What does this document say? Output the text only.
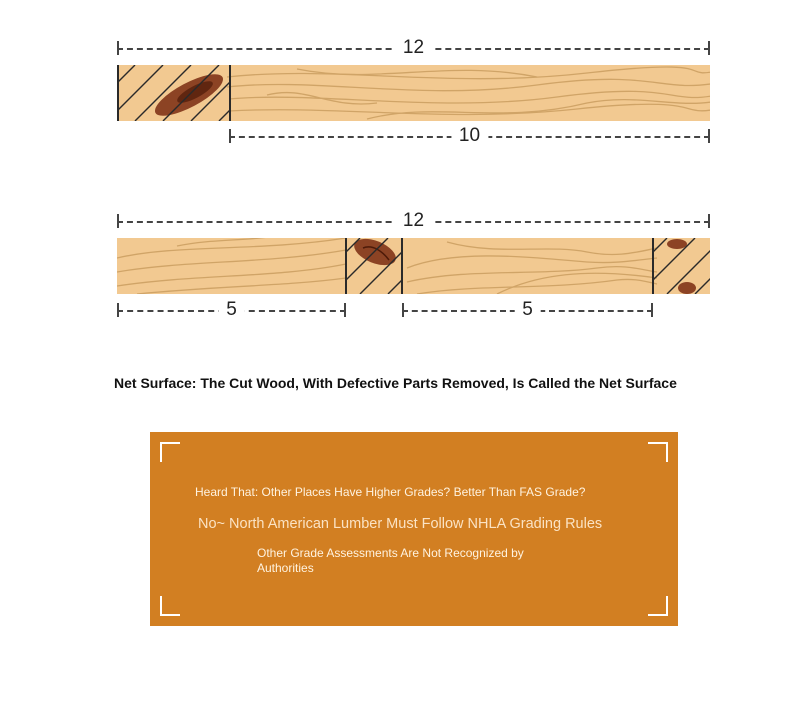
12
10
12
5	5
Net Surface: The Cut Wood, With Defective Parts Removed, Is Called the Net Surface
Heard That: Other Places Have Higher Grades? Better Than FAS Grade?
No~ North American Lumber Must Follow NHLA Grading Rules
Other Grade Assessments Are Not Recognized by Authorities
